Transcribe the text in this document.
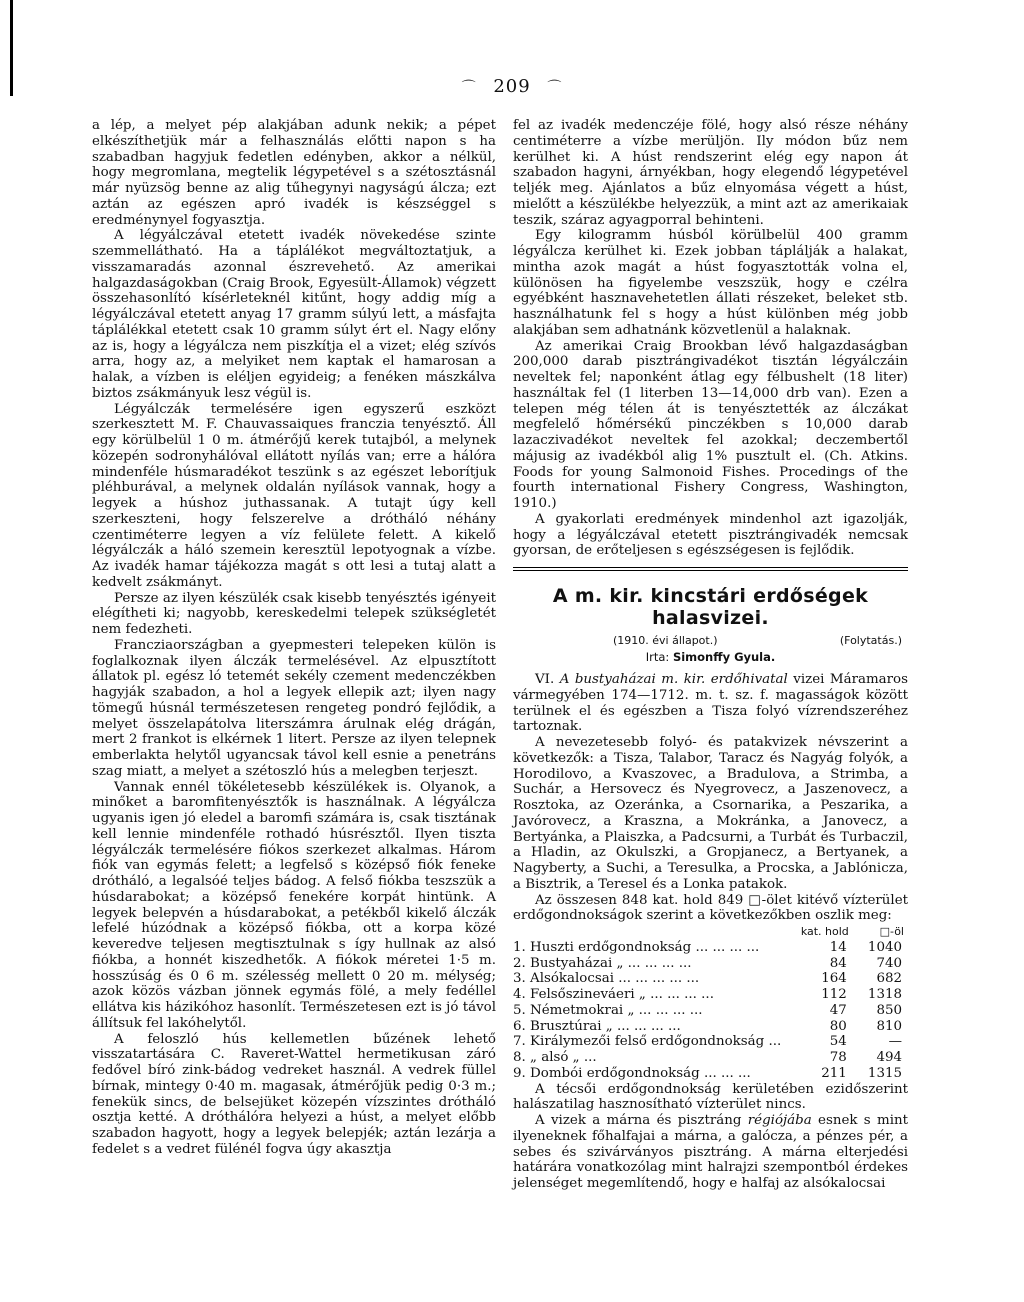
⌒ 209 ⌒

a lép, a melyet pép alakjában adunk nekik; a pépet elkészíthetjük már a felhasználás előtti napon s ha szabadban hagyjuk fedetlen edényben, akkor a nélkül, hogy megromlana, megtelik légypetével s a szétosztásnál már nyüzsög benne az alig tűhegynyi nagyságú álcza; ezt aztán az egészen apró ivadék is készséggel s eredménynyel fogyasztja.

A légyálczával etetett ivadék növekedése szinte szemmellátható. Ha a táplálékot megváltoztatjuk, a visszamaradás azonnal észrevehető. Az amerikai halgazdaságokban (Craig Brook, Egyesült-Államok) végzett összehasonlító kísérleteknél kitűnt, hogy addig míg a légyálczával etetett anyag 17 gramm súlyú lett, a másfajta táplálékkal etetett csak 10 gramm súlyt ért el. Nagy előny az is, hogy a légyálcza nem piszkítja el a vizet; elég szívós arra, hogy az, a melyiket nem kaptak el hamarosan a halak, a vízben is eléljen egyideig; a fenéken mászkálva biztos zsákmányuk lesz végül is.

Légyálczák termelésére igen egyszerű eszközt szerkesztett M. F. Chauvassaiques franczia tenyésztő. Áll egy körülbelül 1 0 m. átmérőjű kerek tutajból, a melynek közepén sodronyhálóval ellátott nyílás van; erre a hálóra mindenféle húsmaradékot teszünk s az egészet leborítjuk pléhburával, a melynek oldalán nyílások vannak, hogy a legyek a húshoz juthassanak. A tutajt úgy kell szerkeszteni, hogy felszerelve a drótháló néhány czentiméterre legyen a víz felülete felett. A kikelő légyálczák a háló szemein keresztül lepotyognak a vízbe. Az ivadék hamar tájékozza magát s ott lesi a tutaj alatt a kedvelt zsákmányt.

Persze az ilyen készülék csak kisebb tenyésztés igényeit elégítheti ki; nagyobb, kereskedelmi telepek szükségletét nem fedezheti.

Francziaországban a gyepmesteri telepeken külön is foglalkoznak ilyen álczák termelésével. Az elpusztított állatok pl. egész ló tetemét sekély czement medenczékben hagyják szabadon, a hol a legyek ellepik azt; ilyen nagy tömegű húsnál természetesen rengeteg pondró fejlődik, a melyet összelapátolva literszámra árulnak elég drágán, mert 2 frankot is elkérnek 1 litert. Persze az ilyen telepnek emberlakta helytől ugyancsak távol kell esnie a penetráns szag miatt, a melyet a szétoszló hús a melegben terjeszt.

Vannak ennél tökéletesebb készülékek is. Olyanok, a minőket a baromfitenyésztők is használnak. A légyálcza ugyanis igen jó eledel a baromfi számára is, csak tisztának kell lennie mindenféle rothadó húsrésztől. Ilyen tiszta légyálczák termelésére fiókos szerkezet alkalmas. Három fiók van egymás felett; a legfelső s középső fiók feneke drótháló, a legalsóé teljes bádog. A felső fiókba teszszük a húsdarabokat; a középső fenekére korpát hintünk. A legyek belepvén a húsdarabokat, a petékből kikelő álczák lefelé húzódnak a középső fiókba, ott a korpa közé keveredve teljesen megtisztulnak s így hullnak az alsó fiókba, a honnét kiszedhetők. A fiókok méretei 1·5 m. hosszúság és 0 6 m. szélesség mellett 0 20 m. mélység; azok közös vázban jönnek egymás fölé, a mely fedéllel ellátva kis házikóhoz hasonlít. Természetesen ezt is jó távol állítsuk fel lakóhelytől.

A feloszló hús kellemetlen bűzének lehető visszatartására C. Raveret-Wattel hermetikusan záró fedővel bíró zink-bádog vedreket használ. A vedrek füllel bírnak, mintegy 0·40 m. magasak, átmérőjük pedig 0·3 m.; fenekük sincs, de belsejüket közepén vízszintes drótháló osztja ketté. A dróthálóra helyezi a húst, a melyet előbb szabadon hagyott, hogy a legyek belepjék; aztán lezárja a fedelet s a vedret fülénél fogva úgy akasztja

fel az ivadék medenczéje fölé, hogy alsó része néhány centiméterre a vízbe merüljön. Ily módon bűz nem kerülhet ki. A húst rendszerint elég egy napon át szabadon hagyni, árnyékban, hogy elegendő légypetével teljék meg. Ajánlatos a bűz elnyomása végett a húst, mielőtt a készülékbe helyezzük, a mint azt az amerikaiak teszik, száraz agyagporral behinteni.

Egy kilogramm húsból körülbelül 400 gramm légyálcza kerülhet ki. Ezek jobban táplálják a halakat, mintha azok magát a húst fogyasztották volna el, különösen ha figyelembe veszszük, hogy e czélra egyébként hasznavehetetlen állati részeket, beleket stb. használhatunk fel s hogy a húst különben még jobb alakjában sem adhatnánk közvetlenül a halaknak.

Az amerikai Craig Brookban lévő halgazdaságban 200,000 darab pisztrángivadékot tisztán légyálczáin neveltek fel; naponként átlag egy félbushelt (18 liter) használtak fel (1 literben 13—14,000 drb van). Ezen a telepen még télen át is tenyésztették az álczákat megfelelő hőmérsékű pinczékben s 10,000 darab lazaczivadékot neveltek fel azokkal; deczembertől májusig az ivadékból alig 1% pusztult el. (Ch. Atkins. Foods for young Salmonoid Fishes. Procedings of the fourth international Fishery Congress, Washington, 1910.)

A gyakorlati eredmények mindenhol azt igazolják, hogy a légyálczával etetett pisztrángivadék nemcsak gyorsan, de erőteljesen s egészségesen is fejlődik.

A m. kir. kincstári erdőségek halasvizei.
(1910. évi állapot.)	(Folytatás.)
Irta: Simonffy Gyula.

VI. A bustyaházai m. kir. erdőhivatal vizei Máramaros vármegyében 174—1712. m. t. sz. f. magasságok között terülnek el és egészben a Tisza folyó vízrendszeréhez tartoznak.

A nevezetesebb folyó- és patakvizek névszerint a következők: a Tisza, Talabor, Taracz és Nagyág folyók, a Horodilovo, a Kvaszovec, a Bradulova, a Strimba, a Suchár, a Hersovecz és Nyegrovecz, a Jaszenovecz, a Rosztoka, az Ozeránka, a Csornarika, a Peszarika, a Javórovecz, a Kraszna, a Mokránka, a Janovecz, a Bertyánka, a Plaiszka, a Padcsurni, a Turbát és Turbaczil, a Hladin, az Okulszki, a Gropjanecz, a Bertyanek, a Nagyberty, a Suchi, a Teresulka, a Procska, a Jablónicza, a Bisztrik, a Teresel és a Lonka patakok.

Az összesen 848 kat. hold 849 □-ölet kitévő vízterület erdőgondnokságok szerint a következőkben oszlik meg:

	kat. hold	□-öl
1. Huszti erdőgondnokság ... ... ... ...	14	1040
2. Bustyaházai „ ... ... ... ...	84	740
3. Alsókalocsai ... ... ... ... ...	164	682
4. Felsőszineváeri „ ... ... ... ...	112	1318
5. Németmokrai „ ... ... ... ...	47	850
6. Brusztúrai „ ... ... ... ...	80	810
7. Királymezői felső erdőgondnokság ...	54	—
8. „ alsó „ ...	78	494
9. Dombói erdőgondnokság ... ... ...	211	1315

A técsői erdőgondnokság kerületében ezidőszerint halászatilag hasznosítható vízterület nincs.

A vizek a márna és pisztráng régiójába esnek s mint ilyeneknek főhalfajai a márna, a galócza, a pénzes pér, a sebes és szivárványos pisztráng. A márna elterjedési határára vonatkozólag mint halrajzi szempontból érdekes jelenséget megemlítendő, hogy e halfaj az alsókalocsai
